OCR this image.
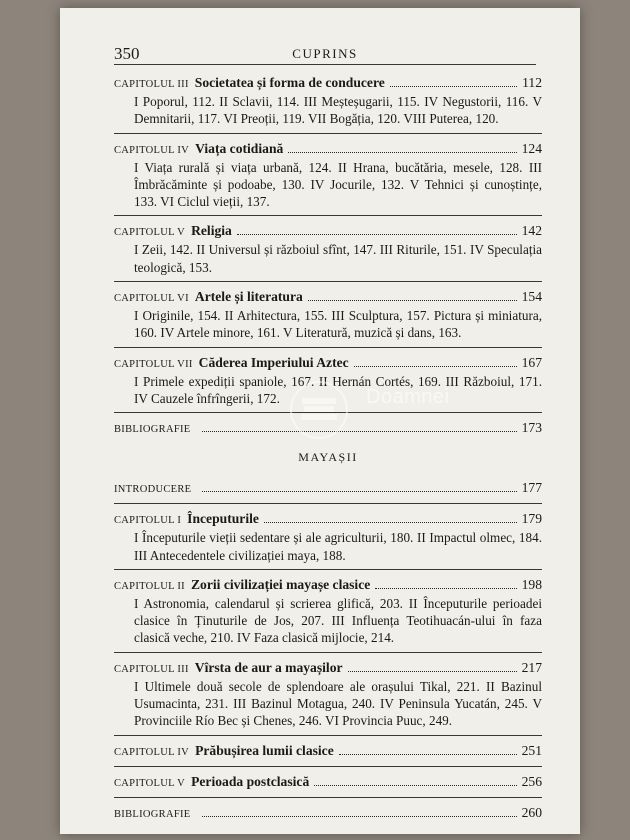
350	CUPRINS
CAPITOLUL III Societatea și forma de conducere	112
I Poporul, 112. II Sclavii, 114. III Meșteșugarii, 115. IV Negustorii, 116. V Demnitarii, 117. VI Preoții, 119. VII Bogăția, 120. VIII Puterea, 120.
CAPITOLUL IV Viața cotidiană	124
I Viața rurală și viața urbană, 124. II Hrana, bucătăria, mesele, 128. III Îmbrăcăminte și podoabe, 130. IV Jocurile, 132. V Tehnici și cunoștințe, 133. VI Ciclul vieții, 137.
CAPITOLUL V Religia	142
I Zeii, 142. II Universul și războiul sfînt, 147. III Riturile, 151. IV Speculația teologică, 153.
CAPITOLUL VI Artele și literatura	154
I Originile, 154. II Arhitectura, 155. III Sculptura, 157. Pictura și miniatura, 160. IV Artele minore, 161. V Literatură, muzică și dans, 163.
CAPITOLUL VII Căderea Imperiului Aztec	167
I Primele expediții spaniole, 167. II Hernán Cortés, 169. III Războiul, 171. IV Cauzele înfrîngerii, 172.
BIBLIOGRAFIE	173
MAYAȘII
INTRODUCERE	177
CAPITOLUL I Începuturile	179
I Începuturile vieții sedentare și ale agriculturii, 180. II Impactul olmec, 184. III Antecedentele civilizației maya, 188.
CAPITOLUL II Zorii civilizației mayașe clasice	198
I Astronomia, calendarul și scrierea glifică, 203. II Începuturile perioadei clasice în Ținuturile de Jos, 207. III Influența Teotihuacán-ului în faza clasică veche, 210. IV Faza clasică mijlocie, 214.
CAPITOLUL III Vîrsta de aur a mayașilor	217
I Ultimele două secole de splendoare ale orașului Tikal, 221. II Bazinul Usumacinta, 231. III Bazinul Motagua, 240. IV Peninsula Yucatán, 245. V Provinciile Río Bec și Chenes, 246. VI Provincia Puuc, 249.
CAPITOLUL IV Prăbușirea lumii clasice	251
CAPITOLUL V Perioada postclasică	256
BIBLIOGRAFIE	260
Doamnei
